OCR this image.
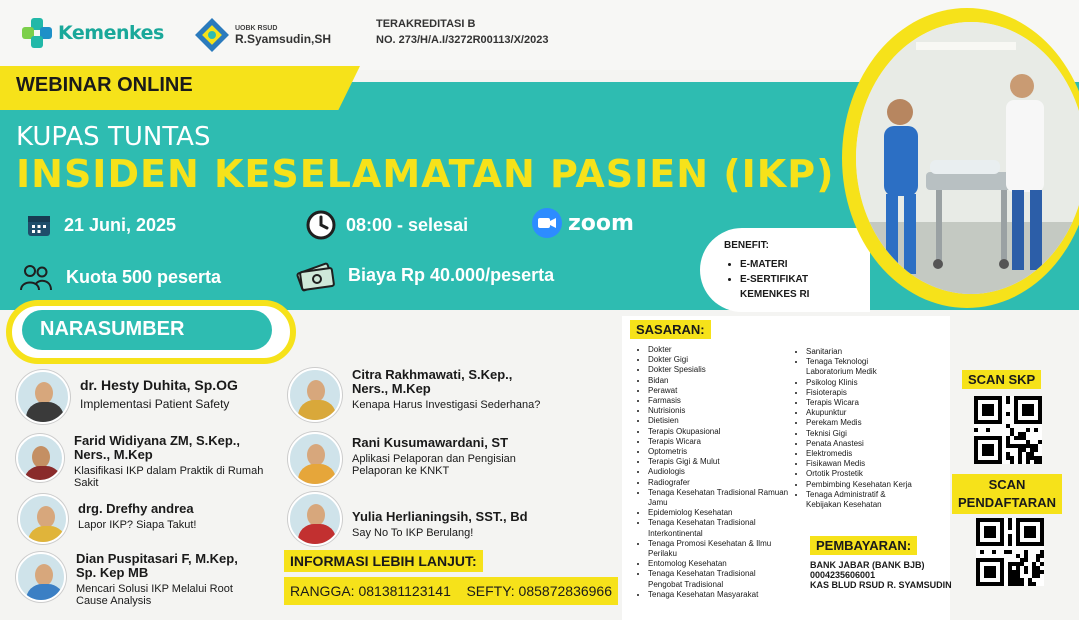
Kemenkes	UOBK RSUD
R.Syamsudin,SH
TERAKREDITASI B
NO. 273/H/A.I/3272R00113/X/2023
WEBINAR ONLINE
KUPAS TUNTAS
INSIDEN KESELAMATAN PASIEN (IKP)
21 Juni, 2025	08:00 - selesai	zoom
Kuota 500 peserta	Biaya Rp 40.000/peserta
BENEFIT:
• E-MATERI
• E-SERTIFIKAT KEMENKES RI
NARASUMBER
dr. Hesty Duhita, Sp.OG
Implementasi Patient Safety
Farid Widiyana ZM, S.Kep., Ners., M.Kep
Klasifikasi IKP dalam Praktik di Rumah Sakit
drg. Drefhy andrea
Lapor IKP? Siapa Takut!
Dian Puspitasari F, M.Kep, Sp. Kep MB
Mencari Solusi IKP Melalui Root Cause Analysis
Citra Rakhmawati, S.Kep., Ners., M.Kep
Kenapa Harus Investigasi Sederhana?
Rani Kusumawardani, ST
Aplikasi Pelaporan dan Pengisian Pelaporan ke KNKT
Yulia Herlianingsih, SST., Bd
Say No To IKP Berulang!
INFORMASI LEBIH LANJUT:
RANGGA: 081381123141 SEFTY: 085872836966
SASARAN:
• Dokter
• Dokter Gigi
• Dokter Spesialis
• Bidan
• Perawat
• Farmasis
• Nutrisionis
• Dietisien
• Terapis Okupasional
• Terapis Wicara
• Optometris
• Terapis Gigi & Mulut
• Audiologis
• Radiografer
• Tenaga Kesehatan Tradisional Ramuan Jamu
• Epidemiolog Kesehatan
• Tenaga Kesehatan Tradisional Interkontinental
• Tenaga Promosi Kesehatan & Ilmu Perilaku
• Entomolog Kesehatan
• Tenaga Kesehatan Tradisional Pengobat Tradisional
• Tenaga Kesehatan Masyarakat
• Sanitarian
• Tenaga Teknologi Laboratorium Medik
• Psikolog Klinis
• Fisioterapis
• Terapis Wicara
• Akupunktur
• Perekam Medis
• Teknisi Gigi
• Penata Anastesi
• Elektromedis
• Fisikawan Medis
• Ortotik Prostetik
• Pembimbing Kesehatan Kerja
• Tenaga Administratif & Kebijakan Kesehatan
PEMBAYARAN:
BANK JABAR (BANK BJB)
0004235606001
KAS BLUD RSUD R. SYAMSUDIN
SCAN SKP
SCAN
PENDAFTARAN
